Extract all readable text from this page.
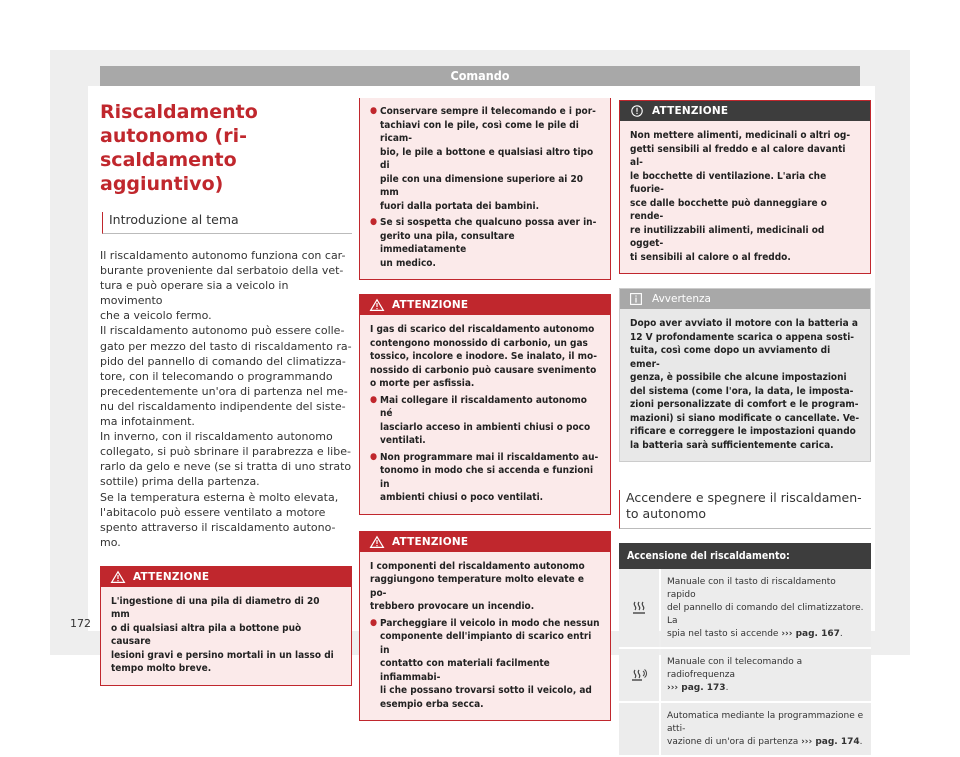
Comando
Riscaldamento autonomo (ri-
scaldamento aggiuntivo)
Introduzione al tema

Il riscaldamento autonomo funziona con car-
burante proveniente dal serbatoio della vet-
tura e può operare sia a veicolo in movimento
che a veicolo fermo.

Il riscaldamento autonomo può essere colle-
gato per mezzo del tasto di riscaldamento ra-
pido del pannello di comando del climatizza-
tore, con il telecomando o programmando
precedentemente un'ora di partenza nel me-
nu del riscaldamento indipendente del siste-
ma infotainment.

In inverno, con il riscaldamento autonomo
collegato, si può sbrinare il parabrezza e libe-
rarlo da gelo e neve (se si tratta di uno strato
sottile) prima della partenza.

Se la temperatura esterna è molto elevata,
l'abitacolo può essere ventilato a motore
spento attraverso il riscaldamento autono-
mo.

ATTENZIONE

L'ingestione di una pila di diametro di 20 mm
o di qualsiasi altra pila a bottone può causare
lesioni gravi e persino mortali in un lasso di
tempo molto breve.

● Conservare sempre il telecomando e i por-
tachiavi con le pile, così come le pile di ricam-
bio, le pile a bottone e qualsiasi altro tipo di
pile con una dimensione superiore ai 20 mm
fuori dalla portata dei bambini.
● Se si sospetta che qualcuno possa aver in-
gerito una pila, consultare immediatamente
un medico.
ATTENZIONE

I gas di scarico del riscaldamento autonomo
contengono monossido di carbonio, un gas
tossico, incolore e inodore. Se inalato, il mo-
nossido di carbonio può causare svenimento
o morte per asfissia.

● Mai collegare il riscaldamento autonomo né
lasciarlo acceso in ambienti chiusi o poco
ventilati.
● Non programmare mai il riscaldamento au-
tonomo in modo che si accenda e funzioni in
ambienti chiusi o poco ventilati.
ATTENZIONE

I componenti del riscaldamento autonomo
raggiungono temperature molto elevate e po-
trebbero provocare un incendio.

● Parcheggiare il veicolo in modo che nessun
componente dell'impianto di scarico entri in
contatto con materiali facilmente infiammabi-
li che possano trovarsi sotto il veicolo, ad
esempio erba secca.
ATTENZIONE

Non mettere alimenti, medicinali o altri og-
getti sensibili al freddo e al calore davanti al-
le bocchette di ventilazione. L'aria che fuorie-
sce dalle bocchette può danneggiare o rende-
re inutilizzabili alimenti, medicinali od ogget-
ti sensibili al calore o al freddo.

Avvertenza

Dopo aver avviato il motore con la batteria a
12 V profondamente scarica o appena sosti-
tuita, così come dopo un avviamento di emer-
genza, è possibile che alcune impostazioni
del sistema (come l'ora, la data, le imposta-
zioni personalizzate di comfort e le program-
mazioni) si siano modificate o cancellate. Ve-
rificare e correggere le impostazioni quando
la batteria sarà sufficientemente carica.

Accendere e spegnere il riscaldamen-
to autonomo
Accensione del riscaldamento:
Manuale con il tasto di riscaldamento rapido
del pannello di comando del climatizzatore. La
spia nel tasto si accende ››› pag. 167.
Manuale con il telecomando a radiofrequenza
››› pag. 173.
Automatica mediante la programmazione e atti-
vazione di un'ora di partenza ››› pag. 174.
172
